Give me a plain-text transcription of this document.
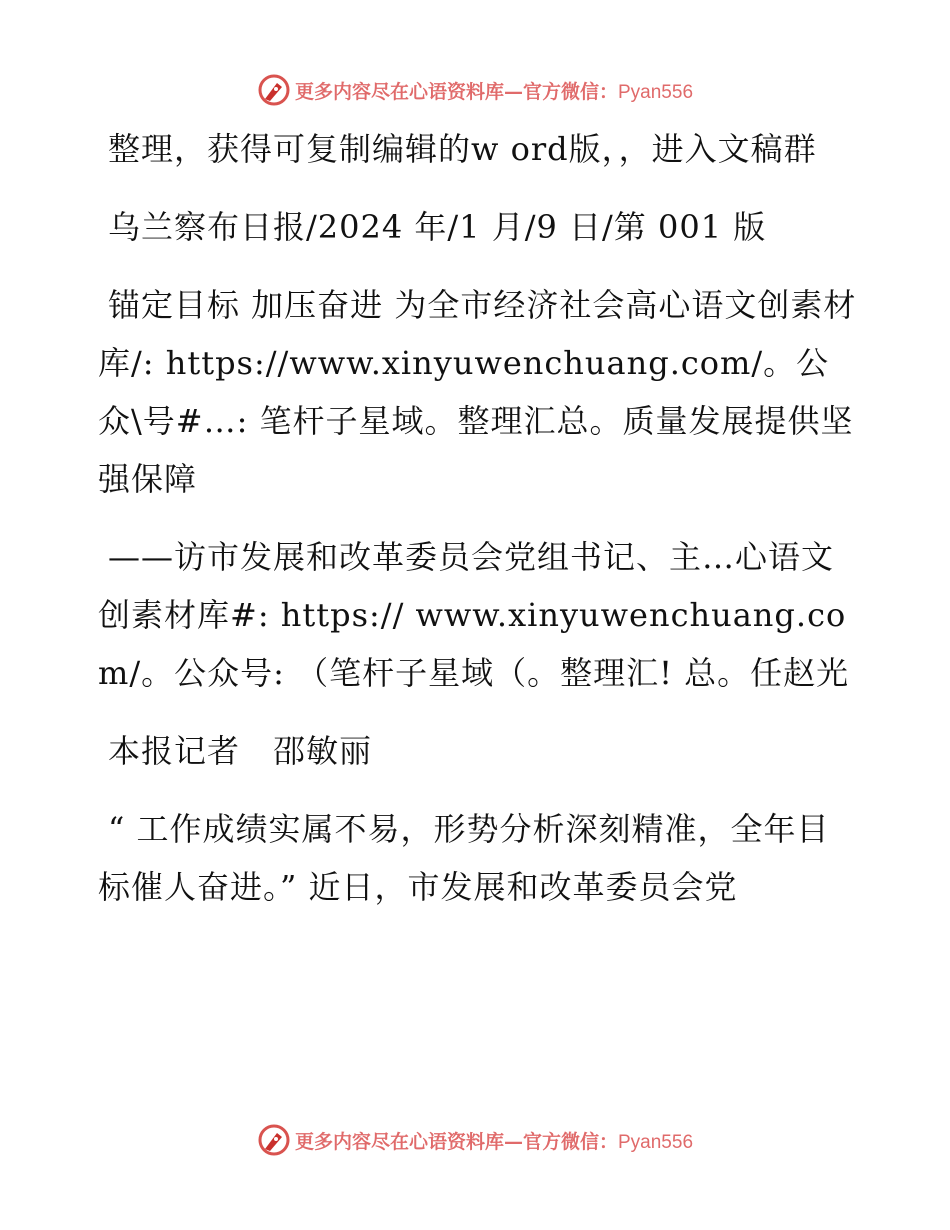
更多内容尽在心语资料库—官方微信：Pyan556

整理，获得可复制编辑的w ord版，，进入文稿群

乌兰察布日报/2024 年/1 月/9 日/第 001 版

锚定目标 加压奋进 为全市经济社会高心语文创素材库/: https://www.xinyuwenchuang.com/。公众\号#…: 笔杆子星域。整理汇总。质量发展提供坚强保障

——访市发展和改革委员会党组书记、主…心语文创素材库#: https:// www.xinyuwenchuang.com/。公众号: （笔杆子星域（。整理汇! 总。任赵光

本报记者　邵敏丽

“ 工作成绩实属不易，形势分析深刻精准，全年目标催人奋进。” 近日，市发展和改革委员会党

更多内容尽在心语资料库—官方微信：Pyan556
